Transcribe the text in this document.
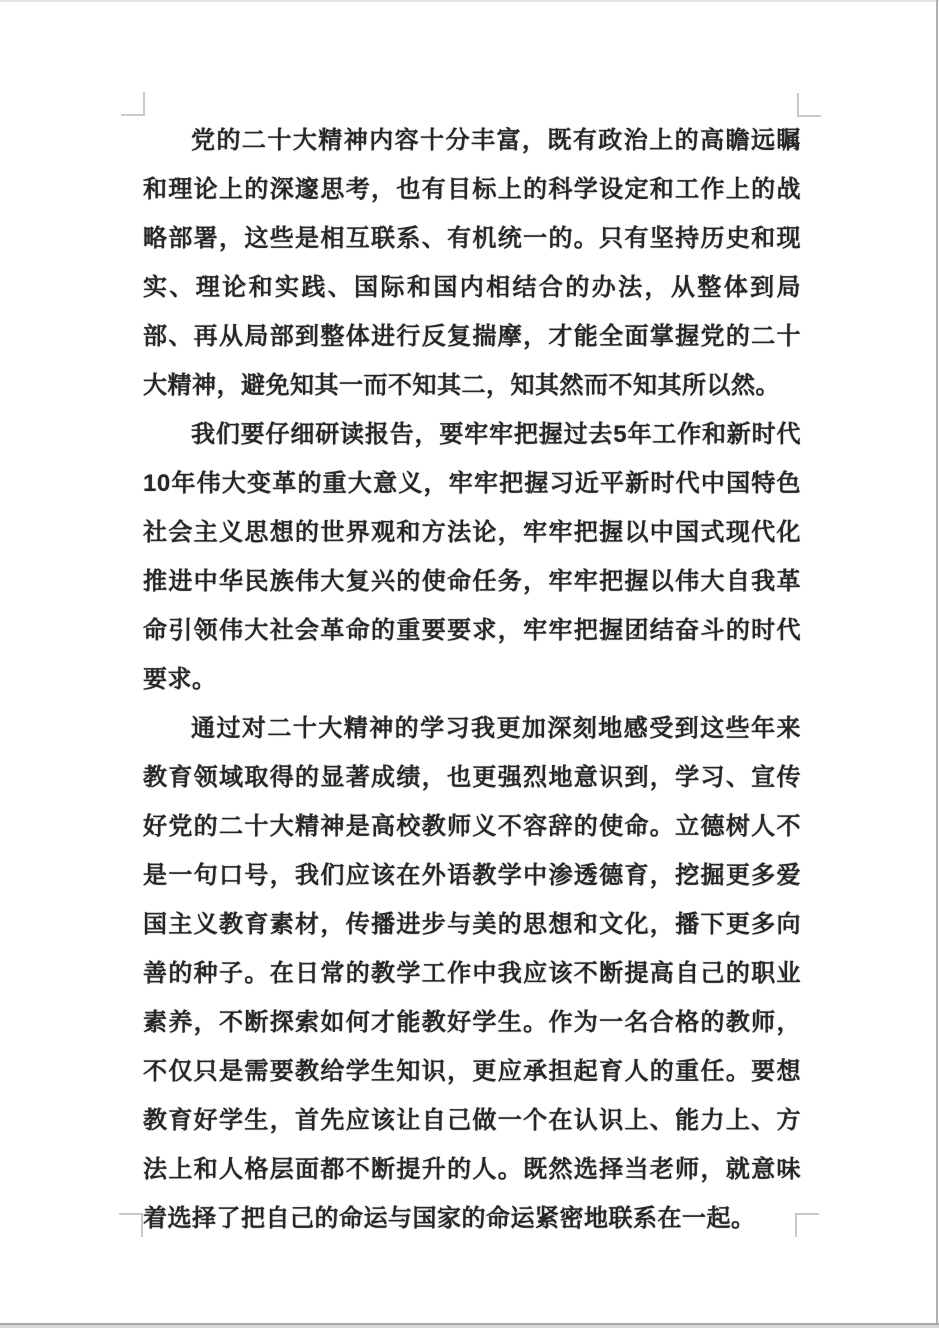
党的二十大精神内容十分丰富，既有政治上的高瞻远瞩和理论上的深邃思考，也有目标上的科学设定和工作上的战略部署，这些是相互联系、有机统一的。只有坚持历史和现实、理论和实践、国际和国内相结合的办法，从整体到局部、再从局部到整体进行反复揣摩，才能全面掌握党的二十大精神，避免知其一而不知其二，知其然而不知其所以然。

我们要仔细研读报告，要牢牢把握过去5年工作和新时代10年伟大变革的重大意义，牢牢把握习近平新时代中国特色社会主义思想的世界观和方法论，牢牢把握以中国式现代化推进中华民族伟大复兴的使命任务，牢牢把握以伟大自我革命引领伟大社会革命的重要要求，牢牢把握团结奋斗的时代要求。

通过对二十大精神的学习我更加深刻地感受到这些年来教育领域取得的显著成绩，也更强烈地意识到，学习、宣传好党的二十大精神是高校教师义不容辞的使命。立德树人不是一句口号，我们应该在外语教学中渗透德育，挖掘更多爱国主义教育素材，传播进步与美的思想和文化，播下更多向善的种子。在日常的教学工作中我应该不断提高自己的职业素养，不断探索如何才能教好学生。作为一名合格的教师，不仅只是需要教给学生知识，更应承担起育人的重任。要想教育好学生，首先应该让自己做一个在认识上、能力上、方法上和人格层面都不断提升的人。既然选择当老师，就意味着选择了把自己的命运与国家的命运紧密地联系在一起。
